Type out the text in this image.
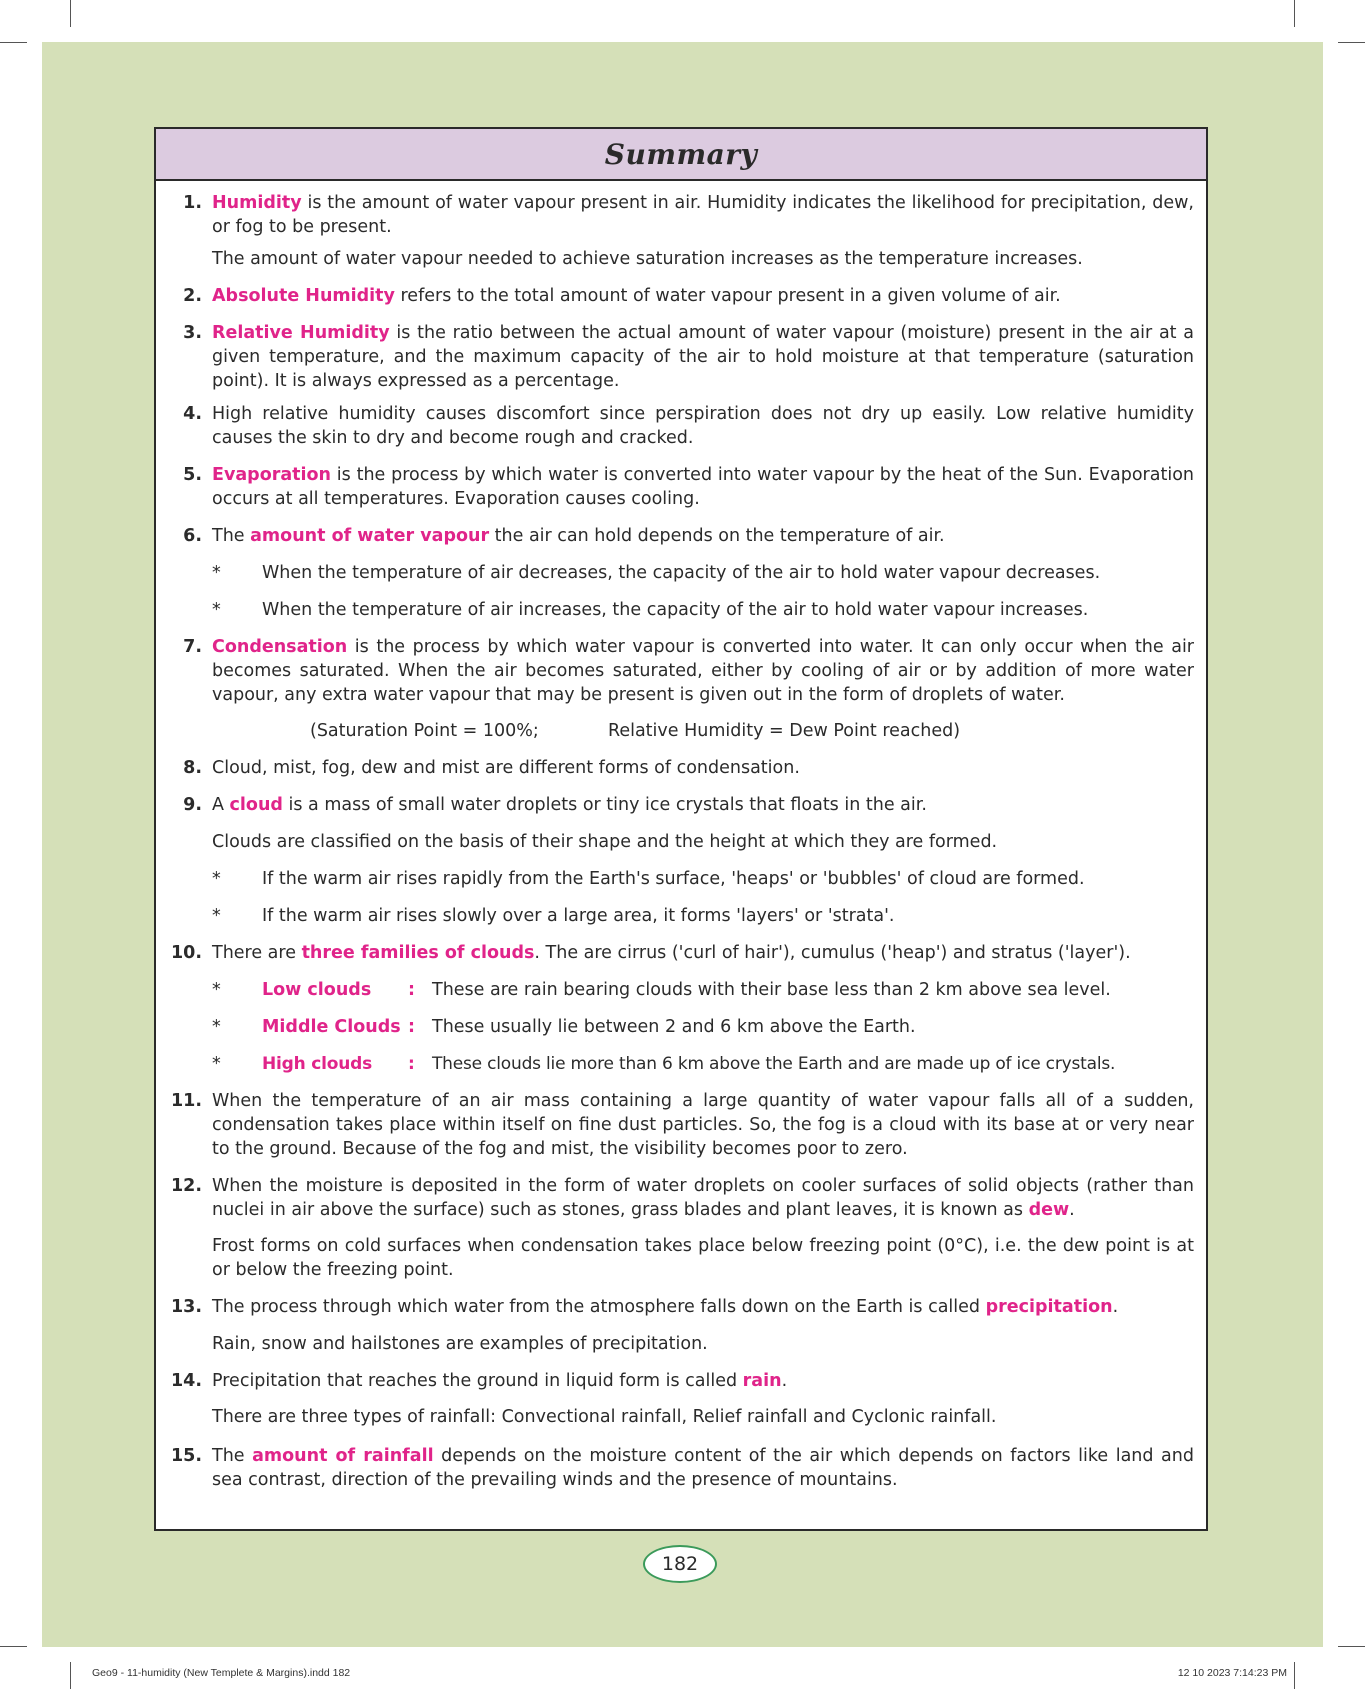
Summary
1. Humidity is the amount of water vapour present in air. Humidity indicates the likelihood for precipitation, dew, or fog to be present.
The amount of water vapour needed to achieve saturation increases as the temperature increases.
2. Absolute Humidity refers to the total amount of water vapour present in a given volume of air.
3. Relative Humidity is the ratio between the actual amount of water vapour (moisture) present in the air at a given temperature, and the maximum capacity of the air to hold moisture at that temperature (saturation point). It is always expressed as a percentage.
4. High relative humidity causes discomfort since perspiration does not dry up easily. Low relative humidity causes the skin to dry and become rough and cracked.
5. Evaporation is the process by which water is converted into water vapour by the heat of the Sun. Evaporation occurs at all temperatures. Evaporation causes cooling.
6. The amount of water vapour the air can hold depends on the temperature of air.
* When the temperature of air decreases, the capacity of the air to hold water vapour decreases.
* When the temperature of air increases, the capacity of the air to hold water vapour increases.
7. Condensation is the process by which water vapour is converted into water. It can only occur when the air becomes saturated. When the air becomes saturated, either by cooling of air or by addition of more water vapour, any extra water vapour that may be present is given out in the form of droplets of water.
(Saturation Point = 100%;	Relative Humidity = Dew Point reached)
8. Cloud, mist, fog, dew and mist are different forms of condensation.
9. A cloud is a mass of small water droplets or tiny ice crystals that floats in the air.
Clouds are classified on the basis of their shape and the height at which they are formed.
* If the warm air rises rapidly from the Earth's surface, 'heaps' or 'bubbles' of cloud are formed.
* If the warm air rises slowly over a large area, it forms 'layers' or 'strata'.
10. There are three families of clouds. The are cirrus ('curl of hair'), cumulus ('heap') and stratus ('layer').
* Low clouds : These are rain bearing clouds with their base less than 2 km above sea level.
* Middle Clouds : These usually lie between 2 and 6 km above the Earth.
* High clouds : These clouds lie more than 6 km above the Earth and are made up of ice crystals.
11. When the temperature of an air mass containing a large quantity of water vapour falls all of a sudden, condensation takes place within itself on fine dust particles. So, the fog is a cloud with its base at or very near to the ground. Because of the fog and mist, the visibility becomes poor to zero.
12. When the moisture is deposited in the form of water droplets on cooler surfaces of solid objects (rather than nuclei in air above the surface) such as stones, grass blades and plant leaves, it is known as dew.
Frost forms on cold surfaces when condensation takes place below freezing point (0°C), i.e. the dew point is at or below the freezing point.
13. The process through which water from the atmosphere falls down on the Earth is called precipitation.
Rain, snow and hailstones are examples of precipitation.
14. Precipitation that reaches the ground in liquid form is called rain.
There are three types of rainfall: Convectional rainfall, Relief rainfall and Cyclonic rainfall.
15. The amount of rainfall depends on the moisture content of the air which depends on factors like land and sea contrast, direction of the prevailing winds and the presence of mountains.
182
Geo9 - 11-humidity (New Templete & Margins).indd 182	12 10 2023 7:14:23 PM
